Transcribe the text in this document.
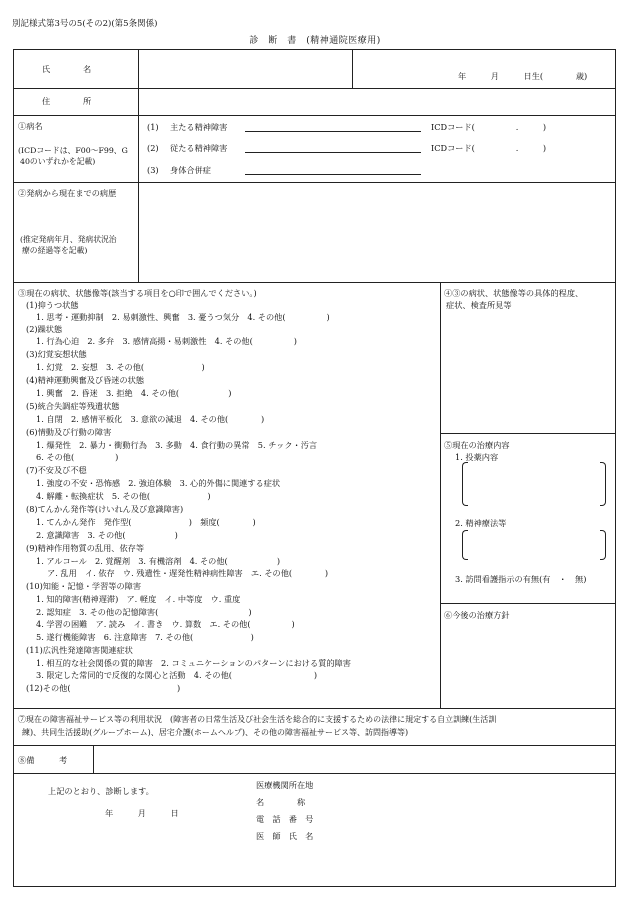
別記様式第3号の5(その2)(第5条関係)
診　断　書　(精神通院医療用)
氏　　　　名
年　　　月　　　日生(　　　　歳)
住　　　　所
①病名
(ICDコードは、F00～F99、G
40のいずれかを記載)
(1) 主たる精神障害	ICDコード(　　　　　.　　　)
(2) 従たる精神障害	ICDコード(　　　　　.　　　)
(3) 身体合併症
②発病から現在までの病歴
(推定発病年月、発病状況治
療の経過等を記載)
③現在の病状、状態像等(該当する項目を○印で囲んでください。)
(1)抑うつ状態
1. 思考・運動抑制　2. 易刺激性、興奮　3. 憂うつ気分　4. その他(　　　　　)
(2)躁状態
1. 行為心迫　2. 多弁　3. 感情高揚・易刺激性　4. その他(　　　　　)
(3)幻覚妄想状態
1. 幻覚　2. 妄想　3. その他(　　　　　　　)
(4)精神運動興奮及び昏迷の状態
1. 興奮　2. 昏迷　3. 拒絶　4. その他(　　　　　　)
(5)統合失調症等残遺状態
1. 自閉　2. 感情平板化　3. 意欲の減退　4. その他(　　　　)
(6)情動及び行動の障害
1. 爆発性　2. 暴力・衝動行為　3. 多動　4. 食行動の異常　5. チック・汚言
6. その他(　　　　　)
(7)不安及び不穏
1. 強度の不安・恐怖感　2. 強迫体験　3. 心的外傷に関連する症状
4. 解離・転換症状　5. その他(　　　　　　　)
(8)てんかん発作等(けいれん及び意識障害)
1. てんかん発作　発作型(　　　　　　　)　頻度(　　　　)
2. 意識障害　3. その他(　　　　　　)
(9)精神作用物質の乱用、依存等
1. アルコール　2. 覚醒剤　3. 有機溶剤　4. その他(　　　　　　)
ア. 乱用　イ. 依存　ウ. 残遺性・遅発性精神病性障害　エ. その他(　　　　)
(10)知能・記憶・学習等の障害
1. 知的障害(精神遅滞)　ア. 軽度　イ. 中等度　ウ. 重度
2. 認知症　3. その他の記憶障害(　　　　　　　　　　　)
4. 学習の困難　ア. 読み　イ. 書き　ウ. 算数　エ. その他(　　　　　)
5. 遂行機能障害　6. 注意障害　7. その他(　　　　　　　)
(11)広汎性発達障害関連症状
1. 相互的な社会関係の質的障害　2. コミュニケーションのパターンにおける質的障害
3. 限定した常同的で反復的な関心と活動　4. その他(　　　　　　　　　　)
(12)その他(　　　　　　　　　　　　　)
④③の病状、状態像等の具体的程度、
症状、検査所見等
⑤現在の治療内容
1. 投薬内容
2. 精神療法等
3. 訪問看護指示の有無(有　・　無)
⑥今後の治療方針
⑦現在の障害福祉サービス等の利用状況　(障害者の日常生活及び社会生活を総合的に支援するための法律に規定する自立訓練(生活訓
練)、共同生活援助(グループホーム)、居宅介護(ホームヘルプ)、その他の障害福祉サービス等、訪問指導等)
⑧備　　　考
上記のとおり、診断します。
年　　　月　　　日
医療機関所在地
名　　　　称
電　話　番　号
医　師　氏　名
